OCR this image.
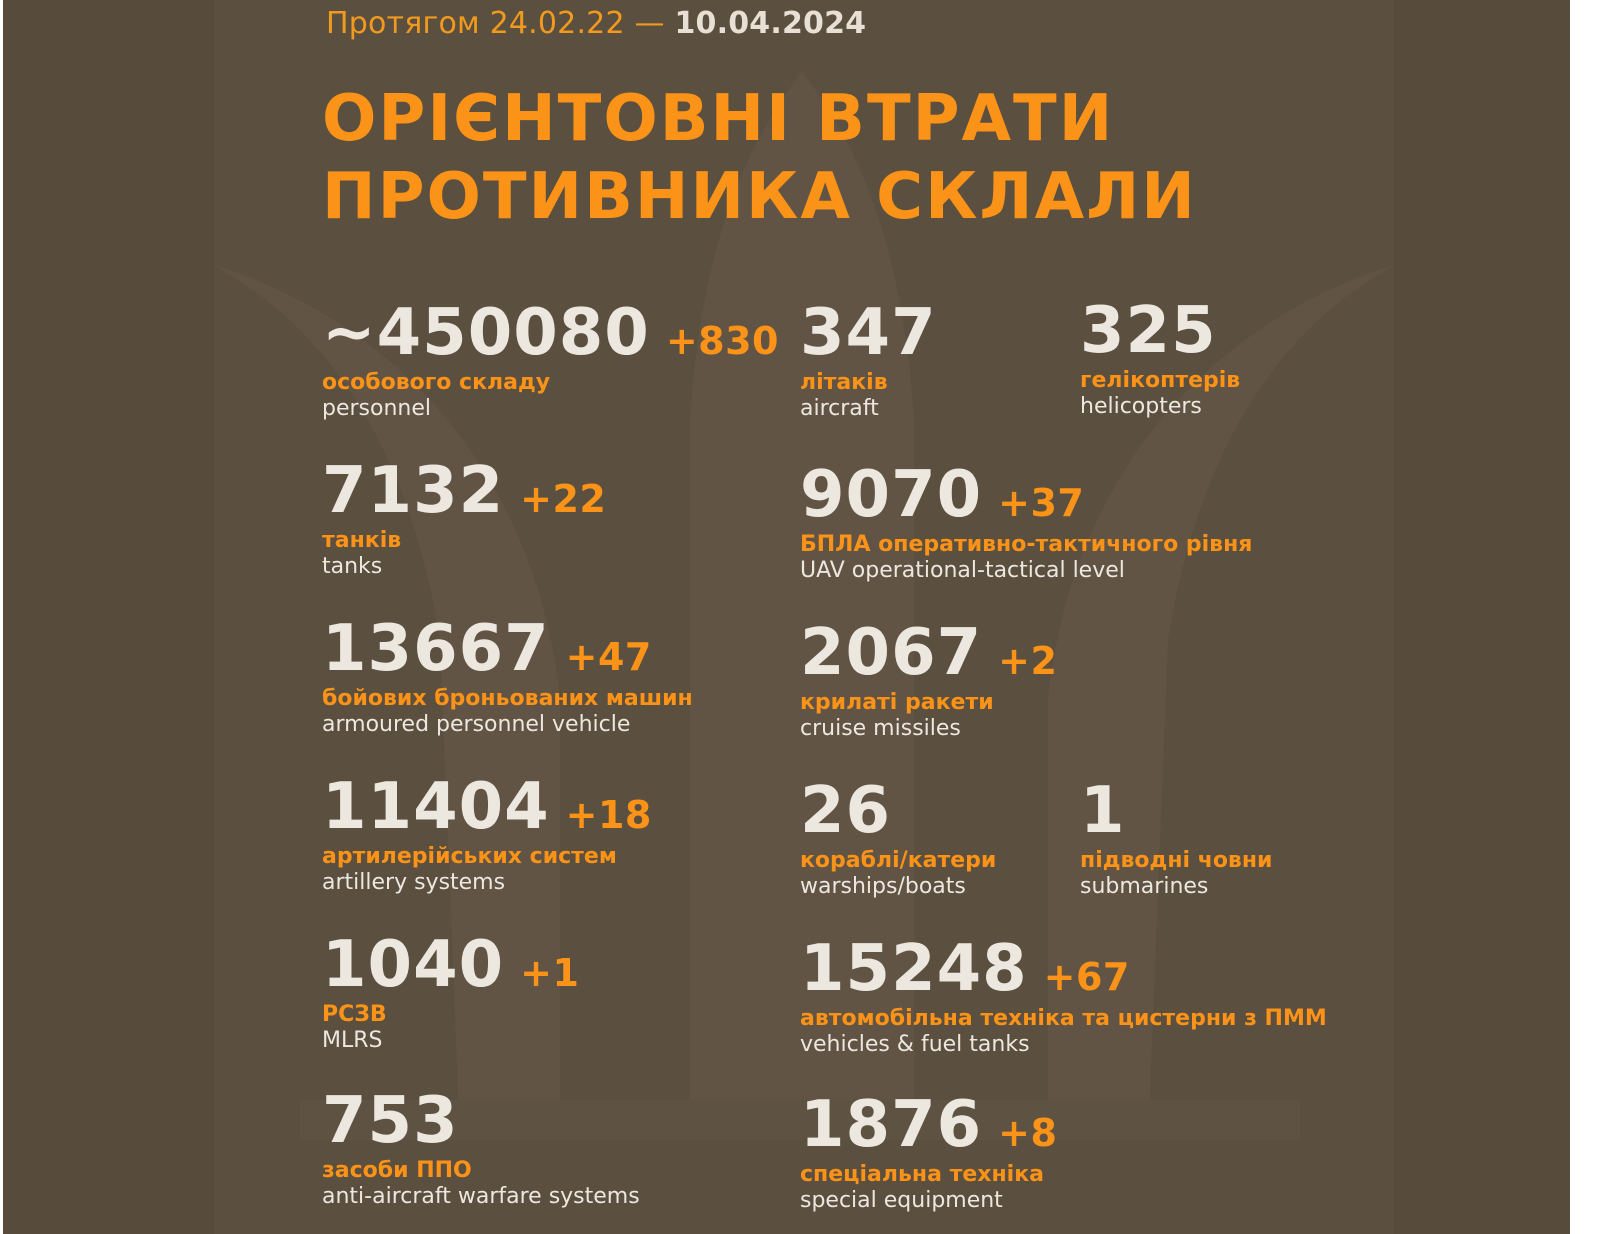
Протягом 24.02.22 — 10.04.2024
ОРІЄНТОВНІ ВТРАТИ
ПРОТИВНИКА СКЛАЛИ
~450080 +830
особового складу
personnel
7132 +22
танків
tanks
13667 +47
бойових броньованих машин
armoured personnel vehicle
11404 +18
артилерійських систем
artillery systems
1040 +1
РСЗВ
MLRS
753
засоби ППО
anti-aircraft warfare systems
347
літаків
aircraft
325
гелікоптерів
helicopters
9070 +37
БПЛА оперативно-тактичного рівня
UAV operational-tactical level
2067 +2
крилаті ракети
cruise missiles
26
кораблі/катери
warships/boats
1
підводні човни
submarines
15248 +67
автомобільна техніка та цистерни з ПММ
vehicles & fuel tanks
1876 +8
спеціальна техніка
special equipment
